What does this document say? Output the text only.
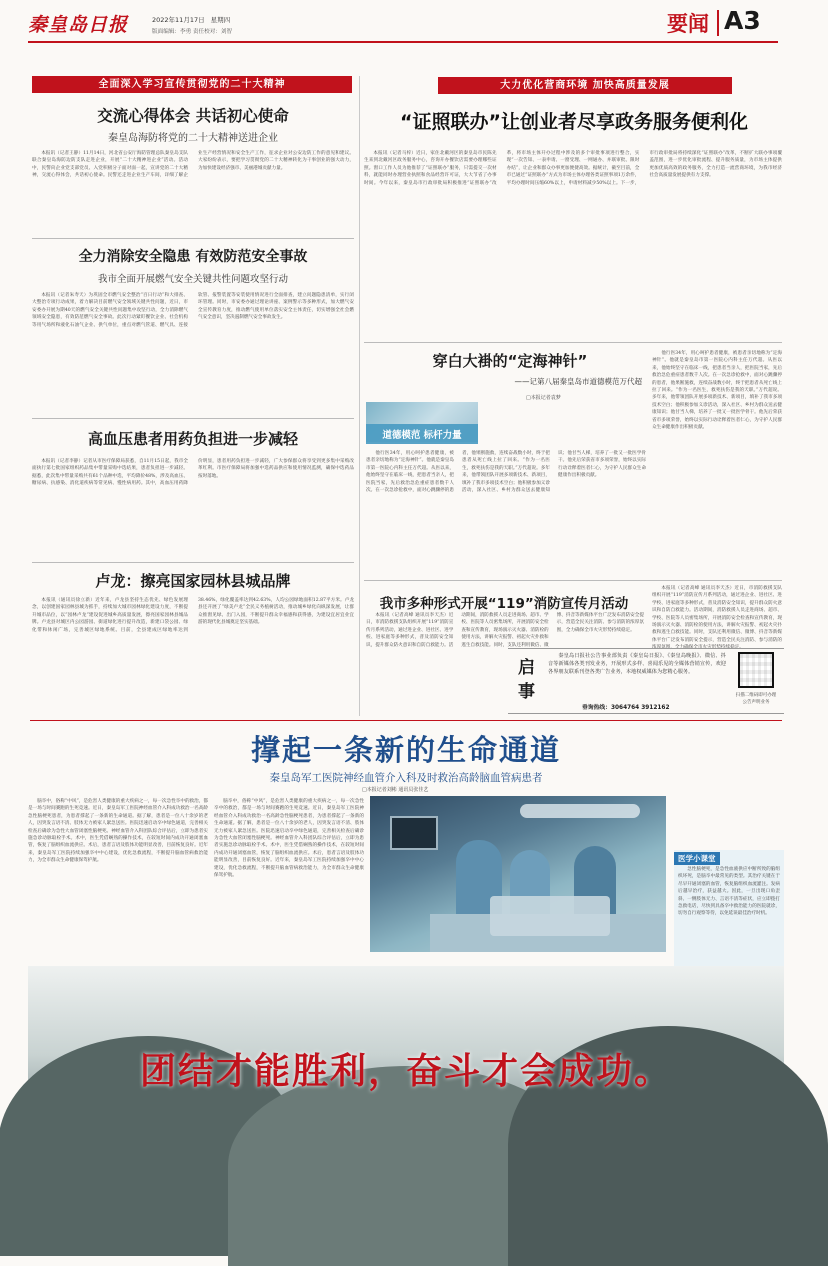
秦皇岛日报	2022年11月17日 星期四
版面编辑：李勇 责任校对：刘智	要闻 A3
全面深入学习宣传贯彻党的二十大精神
交流心得体会 共话初心使命
秦皇岛海防将党的二十大精神送进企业

本报讯（记者王静）11月14日，河北省公安厅海防管理总队秦皇岛支队联合秦皇岛海防边防支队走进企业，开展“二十大精神进企业”活动。活动中，民警向企业党支部党员、入党积极分子面对面一起，宣讲党的二十大精神，交流心得体会，共话初心使命。民警还走进企业生产车间，详细了解企业生产经营情况和安全生产工作，征求企业对公安边防工作的意见和建议。大家纷纷表示，要把学习贯彻党的二十大精神转化为干事创业的强大动力，为加快建设经济强市、美丽港城贡献力量。

全力消除安全隐患 有效防范安全事故
我市全面开展燃气安全关键共性问题攻坚行动

本报讯（记者朱寿天）为巩固全市燃气安全整治“百日行动”和大排查、大整治专项行动成果，着力解决目前燃气安全领域关键共性问题，近日，市安委办开展为期40天的燃气安全关键共性问题集中攻坚行动，全力消除燃气领域安全隐患，有效防范燃气安全事故。此次行动紧盯餐饮企业、社会机构等用气场所和液化石油气企业、供气单位，重点对燃气管道、燃气具、连接软管、报警装置等安装使用情况进行全面排查，建立问题隐患清单，实行闭环管理。同时，市安委办通过理论讲座、案例警示等多种形式，加大燃气安全宣传教育力度，推动燃气使用单位落实安全主体责任，切实增强全社会燃气安全意识，坚决遏制燃气安全事故发生。

高血压患者用药负担进一步减轻

本报讯（记者李静）记者从市医疗保障局获悉，自11月15日起，我市全面执行第七批国家组织药品集中带量采购中选结果，患者负担进一步减轻。据悉，此次集中带量采购共有61个品种中选，平均降价48%，涉及高血压、糖尿病、抗感染、消化道疾病等常见病、慢性病用药。其中，高血压用药降价明显，患者用药负担进一步减轻，广大参保群众将享受到更多集中采购改革红利。市医疗保障局将加强中选药品供应和使用情况监测，确保中选药品按时落地。

卢龙：擦亮国家园林县城品牌

本报讯（通讯员徐立新）近年来，卢龙县坚持生态优先、绿色发展理念，以创建国家园林县城为抓手，持续加大城市园林绿化建设力度，不断提升城市品位，以“园林卢龙”建设促进城乡高质量发展，擦亮国家园林县城品牌。卢龙县对城区内公园游园、街道绿化进行提升改造，新建口袋公园、绿化带和休闲广场，完善城区绿地系统。目前，全县建成区绿地率达到38.46%，绿化覆盖率达到42.63%，人均公园绿地面积12.87平方米。卢龙县还开展了“绿美卢龙”全民义务植树活动，推动城乡绿化向纵深发展，让群众推窗见绿、出门入园，不断提升群众幸福感和获得感，为建设宜居宜业宜游的现代化县城奠定坚实基础。

大力优化营商环境 加快高质量发展
“证照联办”让创业者尽享政务服务便利化

本报讯（记者马梓）近日，家住北戴河区的秦皇岛市民陈先生来到北戴河区政务服务中心，咨询开办餐饮店需要办理哪些证照。窗口工作人员为他推荐了“证照联办”服务，只需提交一次材料，就能同时办理营业执照和食品经营许可证，大大节省了办事时间。今年以来，秦皇岛市行政审批局积极推进“证照联办”改革，将市场主体开办过程中涉及的多个审批事项进行整合，实现“一次告知、一表申请、一窗受理、一网通办、并联审批、限时办结”，让企业和群众办事更加便捷高效。据统计，截至目前，全市已通过“证照联办”方式为市场主体办理各类证照事项1万余件，平均办理时间压缩60%以上，申请材料减少50%以上。下一步，市行政审批局将持续深化“证照联办”改革，不断扩大联办事项覆盖范围，进一步优化审批流程、提升服务质量，为市场主体提供更加优质高效的政务服务，全力打造一流营商环境，为我市经济社会高质量发展提供有力支撑。

穿白大褂的“定海神针”
——记第八届秦皇岛市道德模范万代超
□本报记者袁梦
道德模范 标杆力量

他行医34年，用心呵护患者健康，被患者亲切地称为“定海神针”。他就是秦皇岛市第一医院心内科主任万代超。从医以来，他始终坚守在临床一线，把患者当亲人，把医院当家，先后救治急危重症患者数千人次。在一次急诊抢救中，面对心跳骤停的患者，他果断施救，连续奋战数小时，终于把患者从死亡线上拉了回来。“作为一名医生，救死扶伤是我的天职。”万代超说。多年来，他带领团队开展多项新技术、新项目，填补了我市多项技术空白；他积极参加义诊活动，深入社区、乡村为群众送去健康知识；他甘当人梯，培养了一批又一批医学骨干。他先后荣获省市多项荣誉，始终以实际行动诠释着医者仁心，为守护人民群众生命健康作出积极贡献。

他行医34年，用心呵护患者健康，被患者亲切地称为“定海神针”。他就是秦皇岛市第一医院心内科主任万代超。从医以来，他始终坚守在临床一线，把患者当亲人，把医院当家，先后救治急危重症患者数千人次。在一次急诊抢救中，面对心跳骤停的患者，他果断施救，连续奋战数小时，终于把患者从死亡线上拉了回来。“作为一名医生，救死扶伤是我的天职。”万代超说。多年来，他带领团队开展多项新技术、新项目，填补了我市多项技术空白；他积极参加义诊活动，深入社区、乡村为群众送去健康知识；他甘当人梯，培养了一批又一批医学骨干。他先后荣获省市多项荣誉，始终以实际行动诠释着医者仁心，为守护人民群众生命健康作出积极贡献。

我市多种形式开展“119”消防宣传月活动

本报讯（记者高峰 通讯员李天杰）近日，市消防救援支队组织开展“119”消防宣传月系列活动，通过进企业、进社区、进学校、进家庭等多种形式，普及消防安全知识，提升群众防火意识和自防自救能力。活动期间，消防救援人员走进商场、超市、学校、医院等人员密集场所，开展消防安全检查和宣传教育，现场演示灭火器、消防栓的使用方法，讲解火灾报警、初起火灾扑救和逃生自救技能。同时，支队还利用微信、微博、抖音等新媒体平台广泛发布消防安全提示，营造全民关注消防、参与消防的浓厚氛围，全力确保全市火灾形势持续稳定。

本报讯（记者高峰 通讯员李天杰）近日，市消防救援支队组织开展“119”消防宣传月系列活动，通过进企业、进社区、进学校、进家庭等多种形式，普及消防安全知识，提升群众防火意识和自防自救能力。活动期间，消防救援人员走进商场、超市、学校、医院等人员密集场所，开展消防安全检查和宣传教育，现场演示灭火器、消防栓的使用方法，讲解火灾报警、初起火灾扑救和逃生自救技能。同时，支队还利用微信、微博、抖音等新媒体平台广泛发布消防安全提示，营造全民关注消防、参与消防的浓厚氛围，全力确保全市火灾形势持续稳定。

启事

秦皇岛日报社公告事业部负责《秦皇岛日报》、《秦皇岛晚报》、微信、抖音等新媒体各类刊发业务，开展形式多样、喜闻乐见的全媒体营销宣传，欢迎各界朋友联系刊登各类广告业务，本地权威媒体为您精心服务。

垂询热线：3064764 3912162
扫描二维码即可办理
公告声明业务
撑起一条新的生命通道
秦皇岛军工医院神经血管介入科及时救治高龄脑血管病患者
□本报记者刘彬 通讯员张佳艺

脑卒中，俗称“中风”，是危害人类健康的重大疾病之一，每一次急性卒中的救治，都是一场与时间赛跑的生死竞速。近日，秦皇岛军工医院神经血管介入科成功救治一名高龄急性脑梗死患者，为患者撑起了一条新的生命通道。据了解，患者是一位八十余岁的老人，因突发言语不清、肢体无力被家人紧急送医。医院迅速启动卒中绿色通道，完善相关检查后确诊为急性大血管闭塞性脑梗死。神经血管介入科团队综合评估后，立即为患者实施急诊动脉取栓手术。术中，医生凭借娴熟的操作技术，在较短时间内成功开通闭塞血管，恢复了脑组织血流供应。术后，患者言语及肢体功能明显改善，目前恢复良好。近年来，秦皇岛军工医院持续加强卒中中心建设，优化急救流程，不断提升脑血管病救治能力，为全市群众生命健康保驾护航。

脑卒中，俗称“中风”，是危害人类健康的重大疾病之一，每一次急性卒中的救治，都是一场与时间赛跑的生死竞速。近日，秦皇岛军工医院神经血管介入科成功救治一名高龄急性脑梗死患者，为患者撑起了一条新的生命通道。据了解，患者是一位八十余岁的老人，因突发言语不清、肢体无力被家人紧急送医。医院迅速启动卒中绿色通道，完善相关检查后确诊为急性大血管闭塞性脑梗死。神经血管介入科团队综合评估后，立即为患者实施急诊动脉取栓手术。术中，医生凭借娴熟的操作技术，在较短时间内成功开通闭塞血管，恢复了脑组织血流供应。术后，患者言语及肢体功能明显改善，目前恢复良好。近年来，秦皇岛军工医院持续加强卒中中心建设，优化急救流程，不断提升脑血管病救治能力，为全市群众生命健康保驾护航。

医学小课堂

急性脑梗死，是急性血液供应中断所致的脑组织坏死，是脑卒中最常见的类型。其治疗关键在于尽早开通闭塞的血管，恢复脑组织血流灌注。发病后越早治疗，获益越大。因此，一旦出现口角歪斜、一侧肢体无力、言语不清等症状，应立即拨打急救电话，尽快到具备卒中救治能力的医院就诊，切勿自行观察等待，以免延误最佳治疗时机。

团结才能胜利，奋斗才会成功。
